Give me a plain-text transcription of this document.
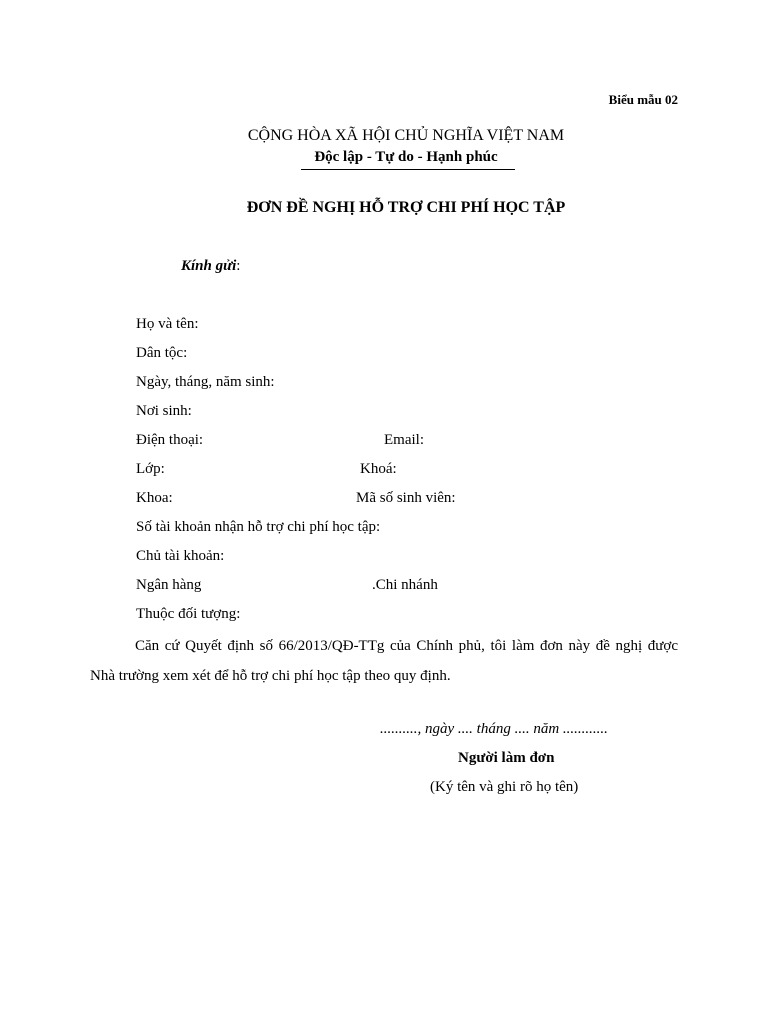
Biểu mẫu 02
CỘNG HÒA XÃ HỘI CHỦ NGHĨA VIỆT NAM
Độc lập - Tự do - Hạnh phúc
ĐƠN ĐỀ NGHỊ HỖ TRỢ CHI PHÍ HỌC TẬP
Kính gửi:
Họ và tên:
Dân tộc:
Ngày, tháng, năm sinh:
Nơi sinh:
Điện thoại:	Email:
Lớp:	Khoá:
Khoa:	Mã số sinh viên:
Số tài khoản nhận hỗ trợ chi phí học tập:
Chủ tài khoản:
Ngân hàng	.Chi nhánh
Thuộc đối tượng:
Căn cứ Quyết định số 66/2013/QĐ-TTg của Chính phủ, tôi làm đơn này đề nghị được Nhà trường xem xét để hỗ trợ chi phí học tập theo quy định.
.........., ngày .... tháng .... năm ............
Người làm đơn
(Ký tên và ghi rõ họ tên)
